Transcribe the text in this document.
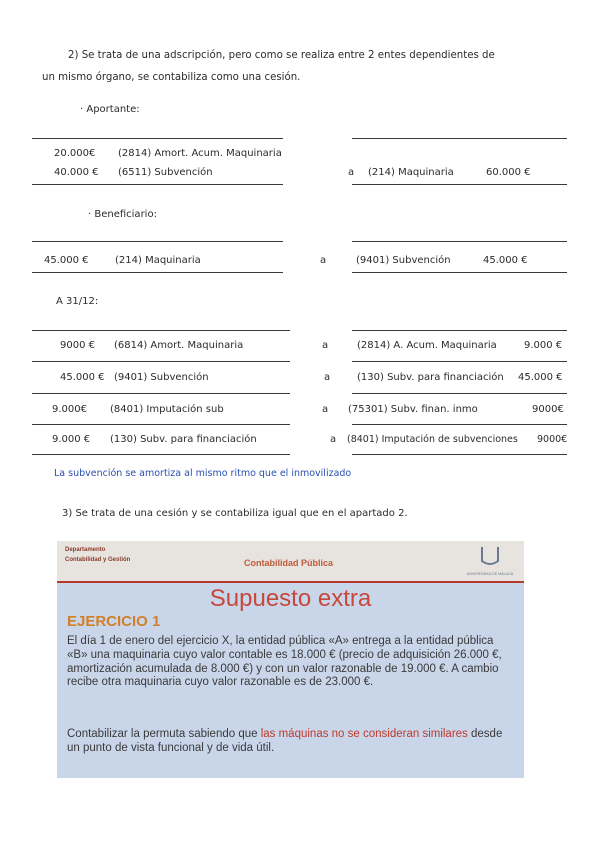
2) Se trata de una adscripción, pero como se realiza entre 2 entes dependientes de
un mismo órgano, se contabiliza como una cesión.
· Aportante:
20.000€ (2814) Amort. Acum. Maquinaria
40.000 € (6511) Subvención	a (214) Maquinaria	60.000 €
· Beneficiario:
45.000 €	(214) Maquinaria	a	(9401) Subvención	45.000 €
A 31/12:
9000 € (6814) Amort. Maquinaria	a	(2814) A. Acum. Maquinaria	9.000 €
45.000 € (9401) Subvención	a	(130) Subv. para financiación 45.000 €
9.000€ (8401) Imputación sub	a (75301) Subv. finan. inmo	9000€
9.000 € (130) Subv. para financiación	a (8401) Imputación de subvenciones 9000€
La subvención se amortiza al mismo ritmo que el inmovilizado
3) Se trata de una cesión y se contabiliza igual que en el apartado 2.
Departamento
Contabilidad y Gestión	Contabilidad Pública
UNIVERSIDAD DE MÁLAGA
Supuesto extra
EJERCICIO 1
El día 1 de enero del ejercicio X, la entidad pública «A» entrega a la entidad pública «B» una maquinaria cuyo valor contable es 18.000 € (precio de adquisición 26.000 €, amortización acumulada de 8.000 €) y con un valor razonable de 19.000 €. A cambio recibe otra maquinaria cuyo valor razonable es de 23.000 €.
Contabilizar la permuta sabiendo que las máquinas no se consideran similares desde un punto de vista funcional y de vida útil.
